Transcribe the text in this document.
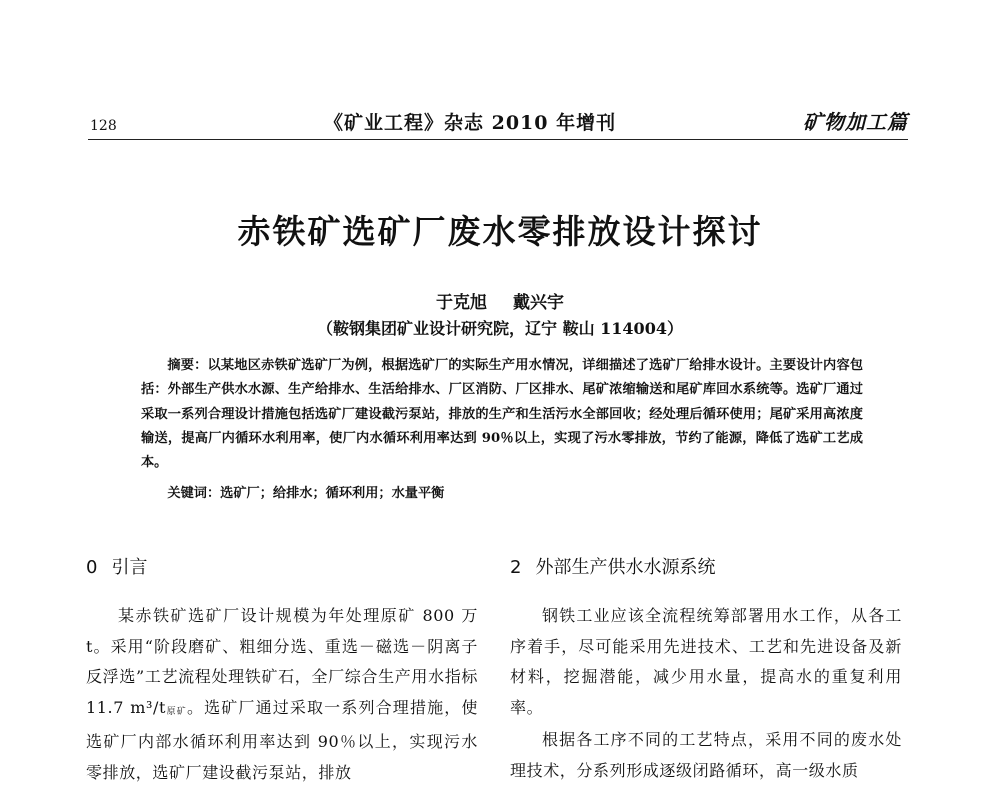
128	《矿业工程》杂志 2010 年增刊	矿物加工篇
赤铁矿选矿厂废水零排放设计探讨
于克旭 戴兴宇
（鞍钢集团矿业设计研究院，辽宁 鞍山 114004）

摘要：以某地区赤铁矿选矿厂为例，根据选矿厂的实际生产用水情况，详细描述了选矿厂给排水设计。主要设计内容包括：外部生产供水水源、生产给排水、生活给排水、厂区消防、厂区排水、尾矿浓缩输送和尾矿库回水系统等。选矿厂通过采取一系列合理设计措施包括选矿厂建设截污泵站，排放的生产和生活污水全部回收；经处理后循环使用；尾矿采用高浓度输送，提高厂内循环水利用率，使厂内水循环利用率达到 90％以上，实现了污水零排放，节约了能源，降低了选矿工艺成本。

关键词：选矿厂；给排水；循环利用；水量平衡
0 引言

某赤铁矿选矿厂设计规模为年处理原矿 800 万 t。采用“阶段磨矿、粗细分选、重选－磁选－阴离子反浮选”工艺流程处理铁矿石，全厂综合生产用水指标11.7 $m^3/t_{原矿}$。选矿厂通过采取一系列合理措施，使选矿厂内部水循环利用率达到 90％以上，实现污水零排放，选矿厂建设截污泵站，排放

2 外部生产供水水源系统

钢铁工业应该全流程统筹部署用水工作，从各工序着手，尽可能采用先进技术、工艺和先进设备及新材料，挖掘潜能，减少用水量，提高水的重复利用率。

根据各工序不同的工艺特点，采用不同的废水处理技术，分系列形成逐级闭路循环，高一级水质
